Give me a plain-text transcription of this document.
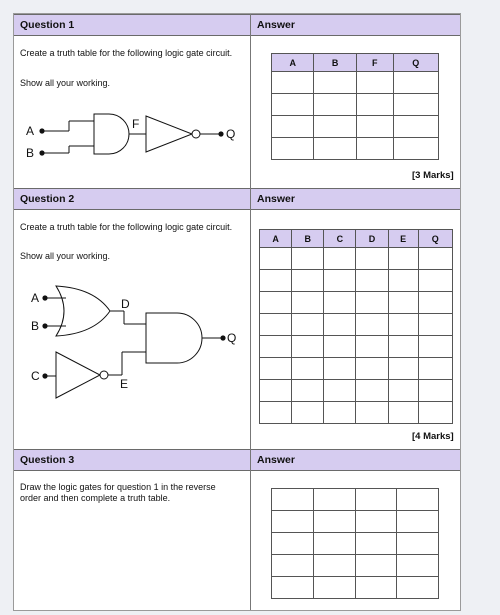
Question 1	Answer
Create a truth table for the following logic gate circuit.
Show all your working.
A
B
F
Q
A	B	F	Q

[3 Marks]
Question 2	Answer
Create a truth table for the following logic gate circuit.
Show all your working.
A
B
D
Q
C
E
A	B	C	D	E	Q

[4 Marks]
Question 3	Answer
Draw the logic gates for question 1 in the reverse order and then complete a truth table.
